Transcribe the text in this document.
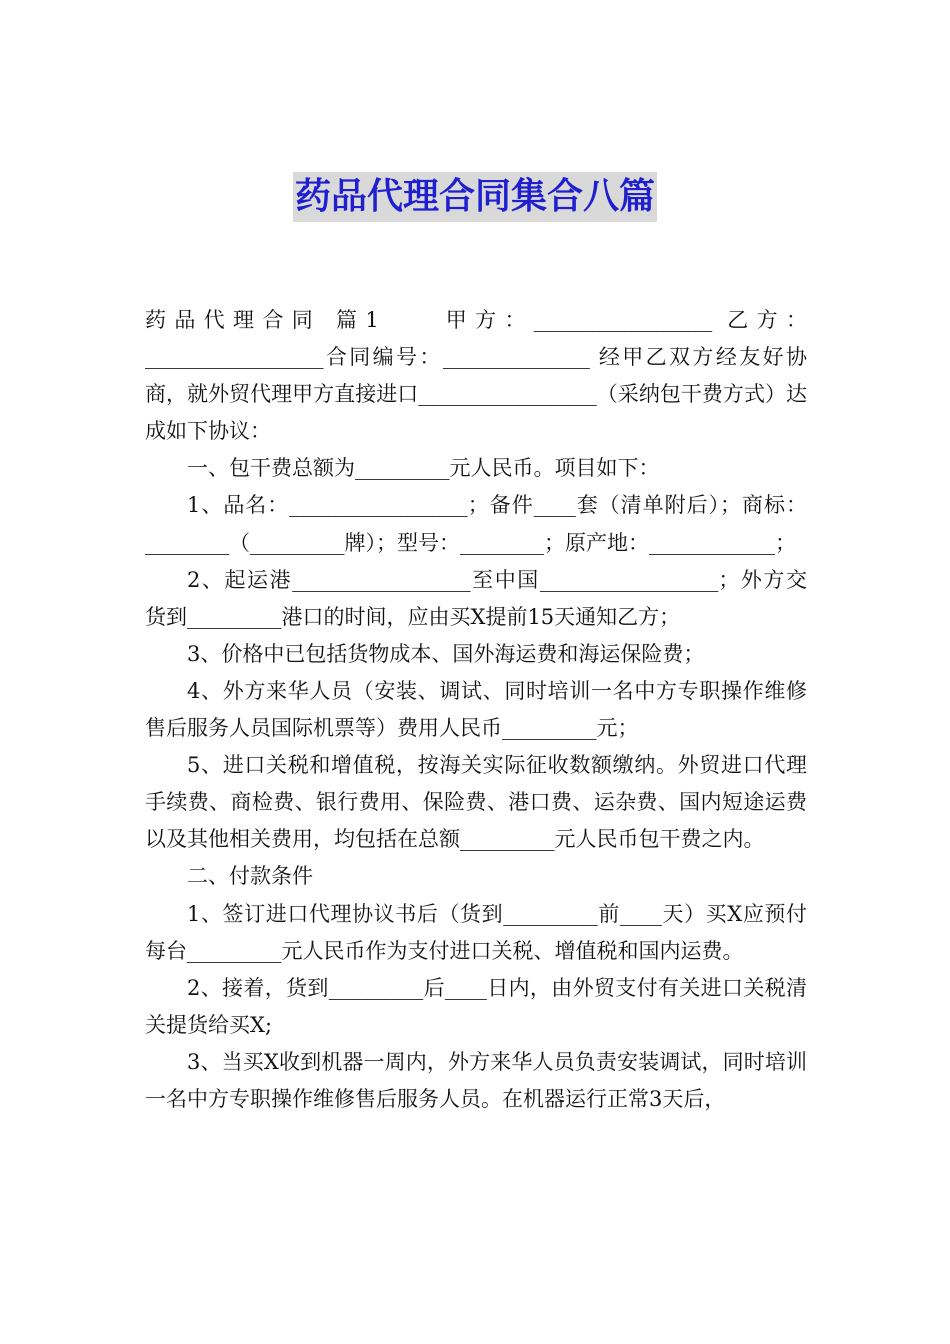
药品代理合同集合八篇

药品代理合同 篇1　　甲方：_________________ 乙方：_________________合同编号：______________ 经甲乙双方经友好协商，就外贸代理甲方直接进口_________________（采纳包干费方式）达成如下协议：

一、包干费总额为_________元人民币。项目如下：

1、品名：_________________；备件____套（清单附后）；商标：________（_________牌）；型号：________；原产地：____________；

2、起运港_________________至中国_________________；外方交货到_________港口的时间，应由买X提前15天通知乙方；

3、价格中已包括货物成本、国外海运费和海运保险费；

4、外方来华人员（安装、调试、同时培训一名中方专职操作维修售后服务人员国际机票等）费用人民币_________元；

5、进口关税和增值税，按海关实际征收数额缴纳。外贸进口代理手续费、商检费、银行费用、保险费、港口费、运杂费、国内短途运费以及其他相关费用，均包括在总额_________元人民币包干费之内。

二、付款条件

1、签订进口代理协议书后（货到_________前____天）买X应预付每台_________元人民币作为支付进口关税、增值税和国内运费。

2、接着，货到_________后____日内，由外贸支付有关进口关税清关提货给买X;

3、当买X收到机器一周内，外方来华人员负责安装调试，同时培训一名中方专职操作维修售后服务人员。在机器运行正常3天后，
